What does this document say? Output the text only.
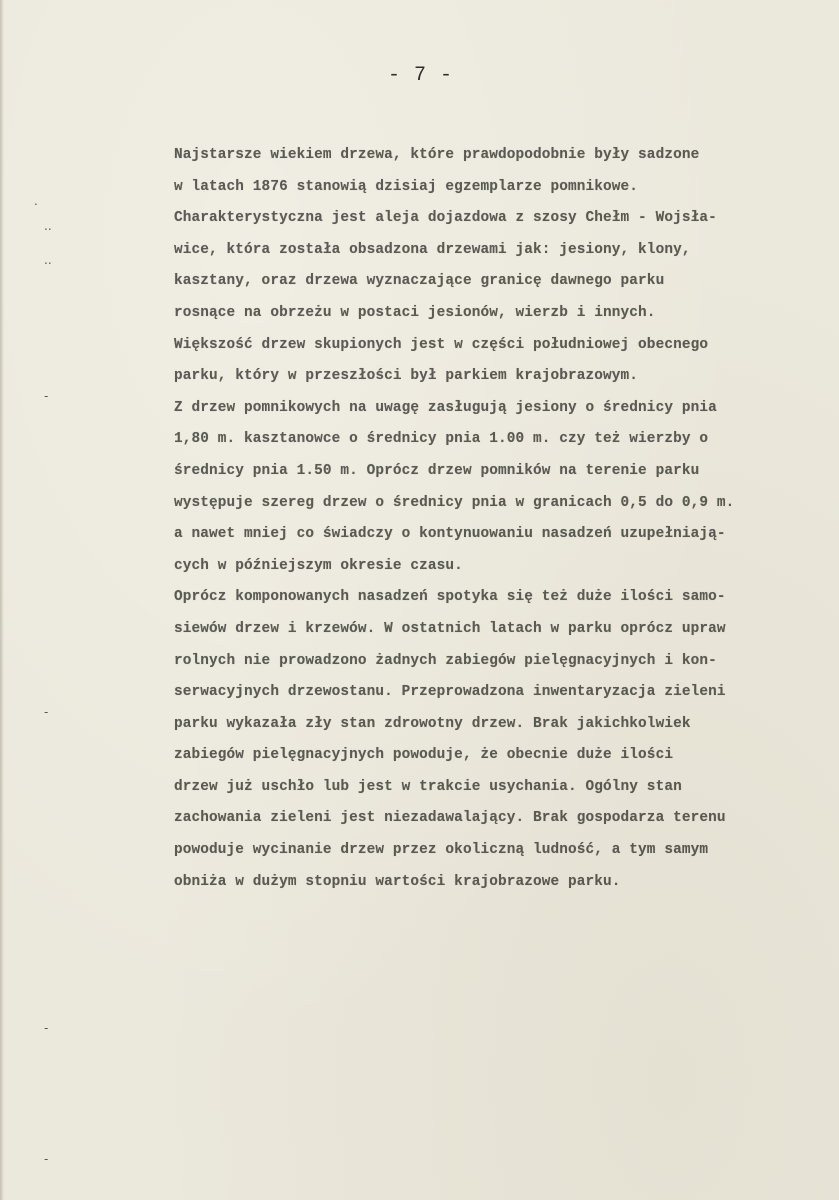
- 7 -
.
..
..
-
-
-
-
Najstarsze wiekiem drzewa, które prawdopodobnie były sadzone
w latach 1876 stanowią dzisiaj egzemplarze pomnikowe.
Charakterystyczna jest aleja dojazdowa z szosy Chełm - Wojsła-
wice, która została obsadzona drzewami jak: jesiony, klony,
kasztany, oraz drzewa wyznaczające granicę dawnego parku
rosnące na obrzeżu w postaci jesionów, wierzb i innych.
Większość drzew skupionych jest w części południowej obecnego
parku, który w przeszłości był parkiem krajobrazowym.
Z drzew pomnikowych na uwagę zasługują jesiony o średnicy pnia
1,80 m. kasztanowce o średnicy pnia 1.00 m. czy też wierzby o
średnicy pnia 1.50 m. Oprócz drzew pomników na terenie parku
występuje szereg drzew o średnicy pnia w granicach 0,5 do 0,9 m.
a nawet mniej co świadczy o kontynuowaniu nasadzeń uzupełniają-
cych w późniejszym okresie czasu.
Oprócz komponowanych nasadzeń spotyka się też duże ilości samo-
siewów drzew i krzewów. W ostatnich latach w parku oprócz upraw
rolnych nie prowadzono żadnych zabiegów pielęgnacyjnych i kon-
serwacyjnych drzewostanu. Przeprowadzona inwentaryzacja zieleni
parku wykazała zły stan zdrowotny drzew. Brak jakichkolwiek
zabiegów pielęgnacyjnych powoduje, że obecnie duże ilości
drzew już uschło lub jest w trakcie usychania. Ogólny stan
zachowania zieleni jest niezadawalający. Brak gospodarza terenu
powoduje wycinanie drzew przez okoliczną ludność, a tym samym
obniża w dużym stopniu wartości krajobrazowe parku.
